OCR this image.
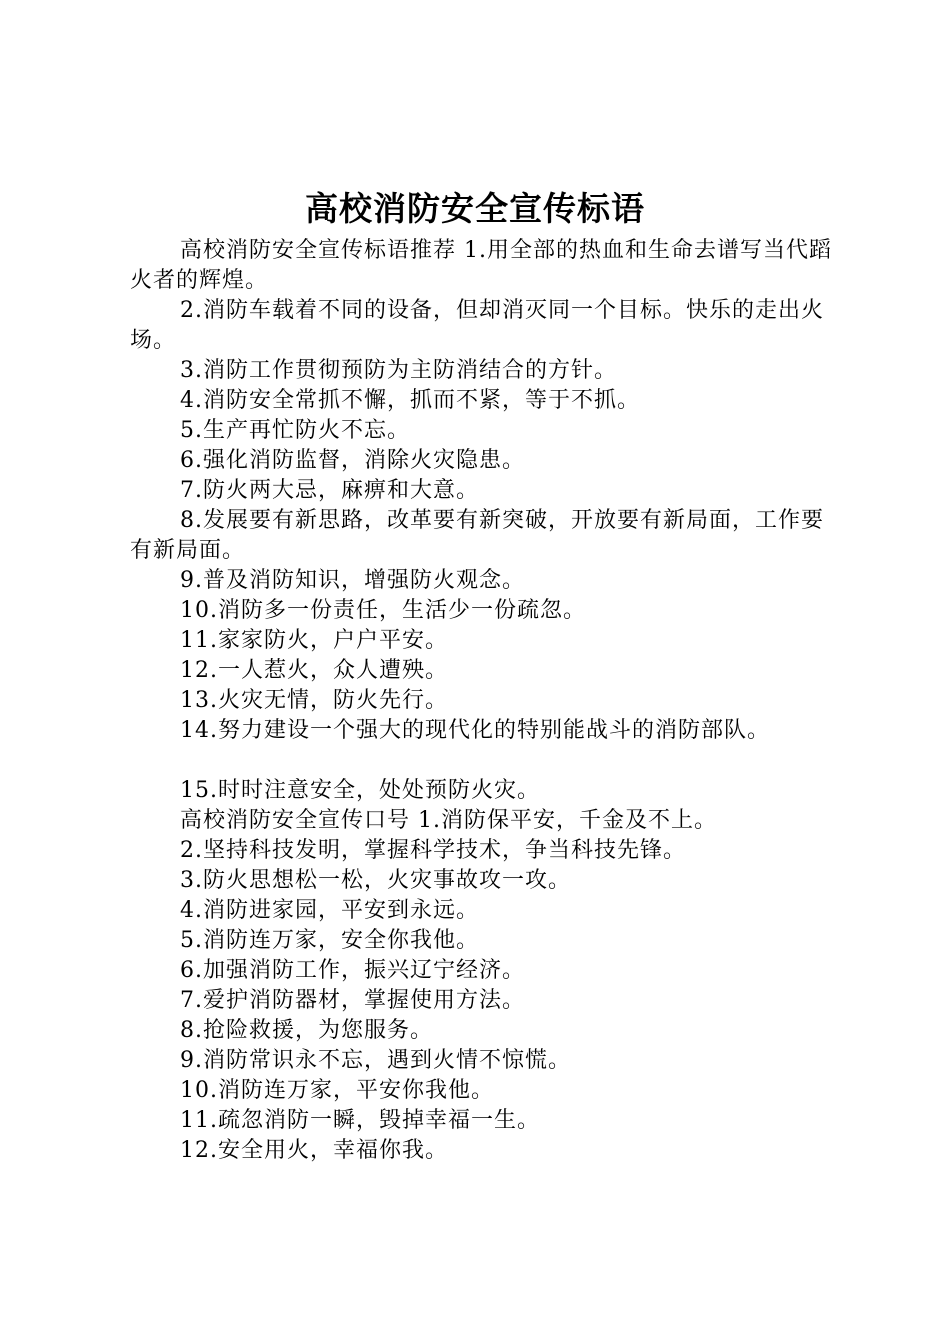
高校消防安全宣传标语

高校消防安全宣传标语推荐 1.用全部的热血和生命去谱写当代蹈火者的辉煌。

2.消防车载着不同的设备，但却消灭同一个目标。快乐的走出火场。

3.消防工作贯彻预防为主防消结合的方针。

4.消防安全常抓不懈，抓而不紧，等于不抓。

5.生产再忙防火不忘。

6.强化消防监督，消除火灾隐患。

7.防火两大忌，麻痹和大意。

8.发展要有新思路，改革要有新突破，开放要有新局面，工作要有新局面。

9.普及消防知识，增强防火观念。

10.消防多一份责任，生活少一份疏忽。

11.家家防火，户户平安。

12.一人惹火，众人遭殃。

13.火灾无情，防火先行。

14.努力建设一个强大的现代化的特别能战斗的消防部队。

15.时时注意安全，处处预防火灾。

高校消防安全宣传口号 1.消防保平安，千金及不上。

2.坚持科技发明，掌握科学技术，争当科技先锋。

3.防火思想松一松，火灾事故攻一攻。

4.消防进家园，平安到永远。

5.消防连万家，安全你我他。

6.加强消防工作，振兴辽宁经济。

7.爱护消防器材，掌握使用方法。

8.抢险救援，为您服务。

9.消防常识永不忘，遇到火情不惊慌。

10.消防连万家，平安你我他。

11.疏忽消防一瞬，毁掉幸福一生。

12.安全用火，幸福你我。
